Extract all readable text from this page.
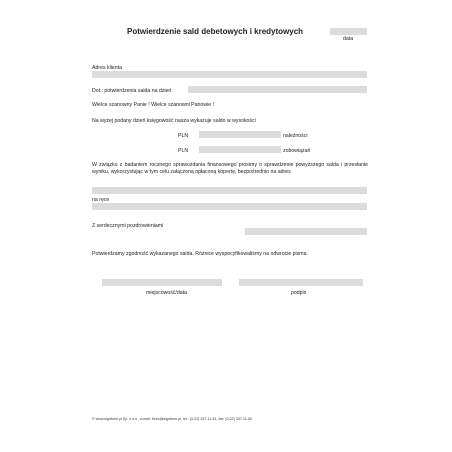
Potwierdzenie sald debetowych i kredytowych
data
Adres klienta
Dot.: potwierdzenia salda na dzień
Wielce szanowny Panie ! Wielce szanowni Panowie !
Na wyżej podany dzień księgowość nasza wykazuje saldo w wysokości
PLN	należności
PLN	zobowiązań
W związku z badaniem rocznego sprawozdania finansowego prosimy o sprawdzenie powyższego salda i przesłanie wyniku, wykorzystując w tym celu załączoną opłaconą kopertę, bezpośrednio na adres
na ręce
Z serdecznymi pozdrowieniami
Potwierdzamy zgodność wykazanego salda. Różnice wyspecyfikowaliśmy na odwrocie pisma.
miejscowość/data	podpis
© www.signform.pl Sp. z o.o., e-mail: biuro@signform.pl, tel.: (0-22) 337-11-51, fax: (0-22) 337-11-52
